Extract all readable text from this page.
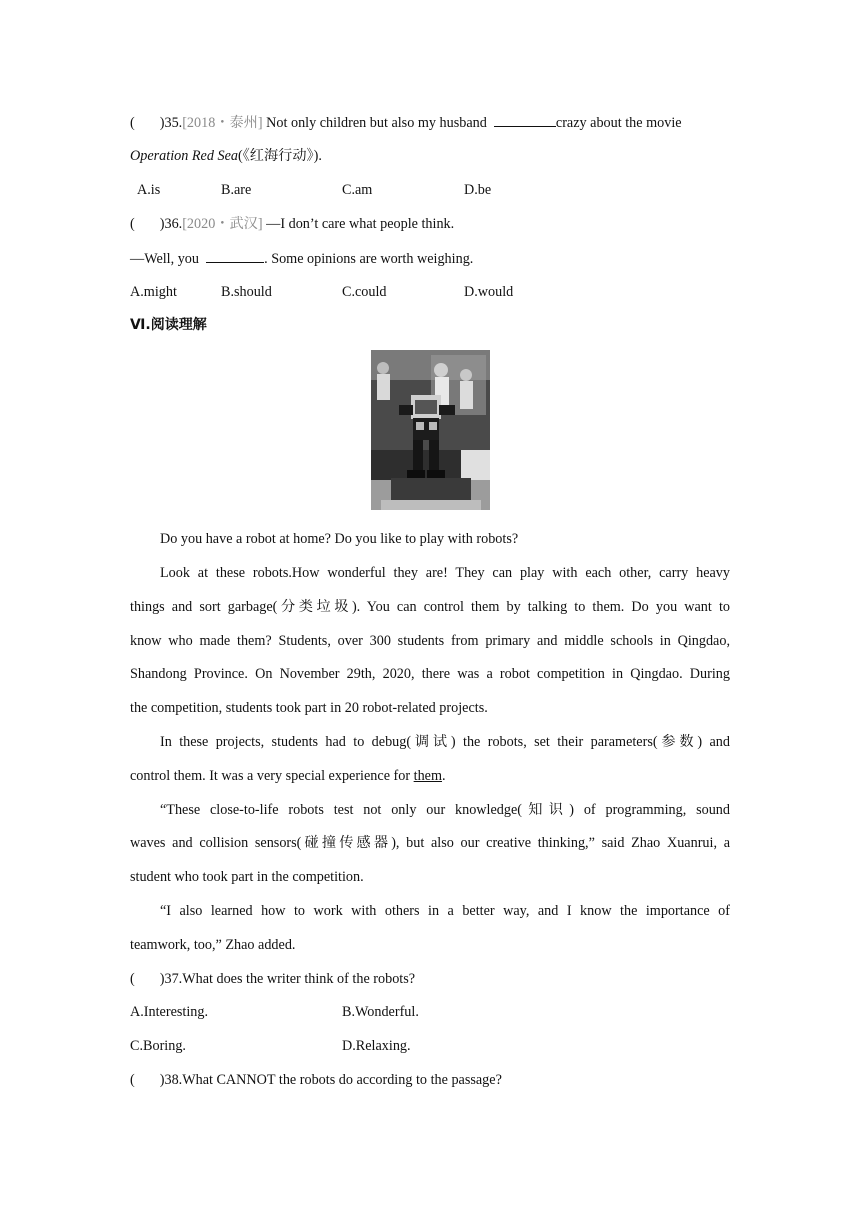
( )35.[2018・泰州] Not only children but also my husband	crazy about the movie
Operation Red Sea(《红海行动》).
A.is	B.are	C.am	D.be
( )36.[2020・武汉] —I don’t care what people think.
—Well, you	. Some opinions are worth weighing.
A.might	B.should	C.could	D.would
Ⅵ.阅读理解
Do you have a robot at home? Do you like to play with robots?
Look at these robots.How wonderful they are! They can play with each other, carry heavy
things and sort garbage(分类垃圾). You can control them by talking to them. Do you want to
know who made them? Students, over 300 students from primary and middle schools in Qingdao,
Shandong Province. On November 29th, 2020, there was a robot competition in Qingdao. During
the competition, students took part in 20 robot-related projects.
In these projects, students had to debug(调试) the robots, set their parameters(参数) and
control them. It was a very special experience for them.
“These close-to-life robots test not only our knowledge(知识) of programming, sound
waves and collision sensors(碰撞传感器), but also our creative thinking,” said Zhao Xuanrui, a
student who took part in the competition.
“I also learned how to work with others in a better way, and I know the importance of
teamwork, too,” Zhao added.
( )37.What does the writer think of the robots?
A.Interesting.	B.Wonderful.
C.Boring.	D.Relaxing.
( )38.What CANNOT the robots do according to the passage?
